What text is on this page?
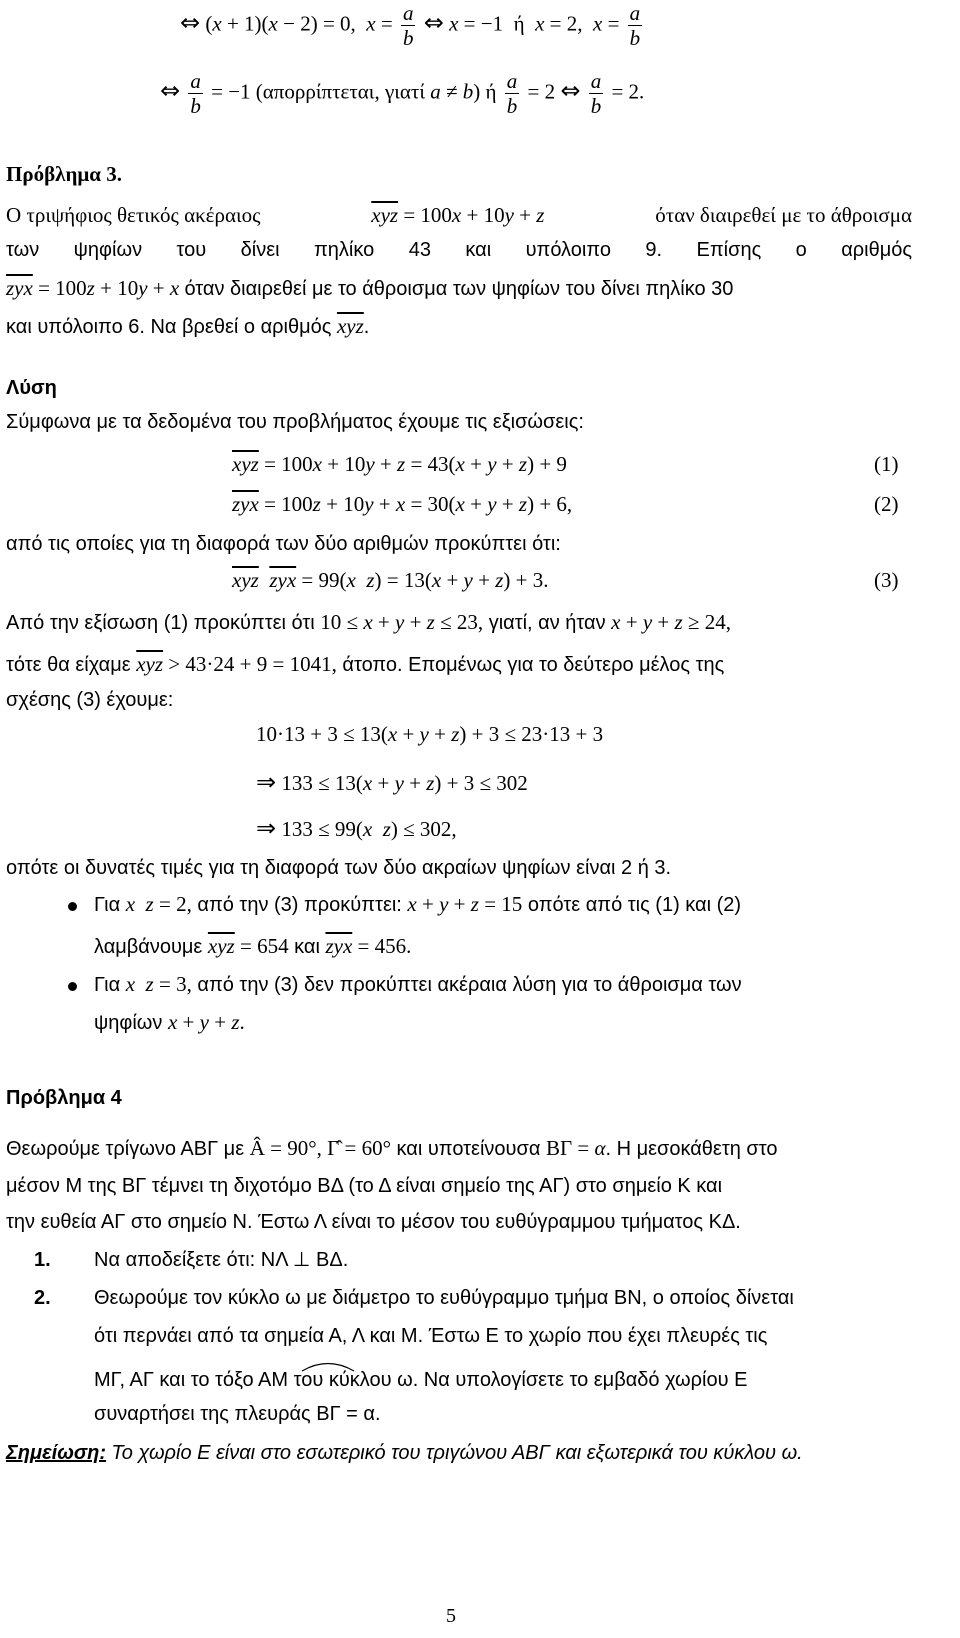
⇔ (x + 1)(x − 2) = 0,  $x = \frac{a}{b}$ ⇔ x = −1  ή  x = 2,  $x = \frac{a}{b}$
⇔ $\frac{a}{b} = -1$ (απορρίπτεται, γιατί a ≠ b) ή $\frac{a}{b} = 2$ ⇔ $\frac{a}{b} = 2$.
Πρόβλημα 3.
Ο τριψήφιος θετικός ακέραιος	$\overline{xyz} = 100x + 10y + z$	όταν διαιρεθεί με το άθροισμα
των ψηφίων του δίνει πηλίκο 43 και υπόλοιπο 9. Επίσης ο αριθμός
$\overline{zyx} = 100z + 10y + x$ όταν διαιρεθεί με το άθροισμα των ψηφίων του δίνει πηλίκο 30
και υπόλοιπο 6. Να βρεθεί ο αριθμός $\overline{xyz}$.
Λύση
Σύμφωνα με τα δεδομένα του προβλήματος έχουμε τις εξισώσεις:
$\overline{xyz} = 100x + 10y + z = 43(x + y + z) + 9$	(1)
$\overline{zyx} = 100z + 10y + x = 30(x + y + z) + 6$,	(2)
από τις οποίες για τη διαφορά των δύο αριθμών προκύπτει ότι:
$\overline{xyz}$ $\overline{zyx} = 99(x$ z) = 13(x + y + z) + 3.	(3)
Από την εξίσωση (1) προκύπτει ότι 10 ≤ x + y + z ≤ 23, γιατί, αν ήταν x + y + z ≥ 24,
τότε θα είχαμε $\overline{xyz} > 43\cdot 24 + 9 = 1041$, άτοπο. Επομένως για το δεύτερο μέλος της
σχέσης (3) έχουμε:
10·13 + 3 ≤ 13(x + y + z) + 3 ≤ 23·13 + 3
⇒ 133 ≤ 13(x + y + z) + 3 ≤ 302
⇒ 133 ≤ 99(x z) ≤ 302,
οπότε οι δυνατές τιμές για τη διαφορά των δύο ακραίων ψηφίων είναι 2 ή 3.
Για x z = 2, από την (3) προκύπτει: x + y + z = 15 οπότε από τις (1) και (2)
λαμβάνουμε $\overline{xyz} = 654$ και $\overline{zyx} = 456$.
Για x z = 3, από την (3) δεν προκύπτει ακέραια λύση για το άθροισμα των
ψηφίων x + y + z.
Πρόβλημα 4
Θεωρούμε τρίγωνο ΑΒΓ με Â = 90°, Γ̂ = 60° και υποτείνουσα ΒΓ = α. Η μεσοκάθετη στο
μέσον Μ της ΒΓ τέμνει τη διχοτόμο ΒΔ (το Δ είναι σημείο της ΑΓ) στο σημείο Κ και
την ευθεία ΑΓ στο σημείο Ν. Έστω Λ είναι το μέσον του ευθύγραμμου τμήματος ΚΔ.
1. Να αποδείξετε ότι: ΝΛ ⊥ ΒΔ.
2. Θεωρούμε τον κύκλο ω με διάμετρο το ευθύγραμμο τμήμα ΒΝ, ο οποίος δίνεται
ότι περνάει από τα σημεία Α, Λ και Μ. Έστω E το χωρίο που έχει πλευρές τις
ΜΓ, ΑΓ και το τόξο ΑΜ του κύκλου ω. Να υπολογίσετε το εμβαδό χωρίου E
συναρτήσει της πλευράς ΒΓ = α.
Σημείωση: Το χωρίο E είναι στο εσωτερικό του τριγώνου ΑΒΓ και εξωτερικά του κύκλου ω.
5
